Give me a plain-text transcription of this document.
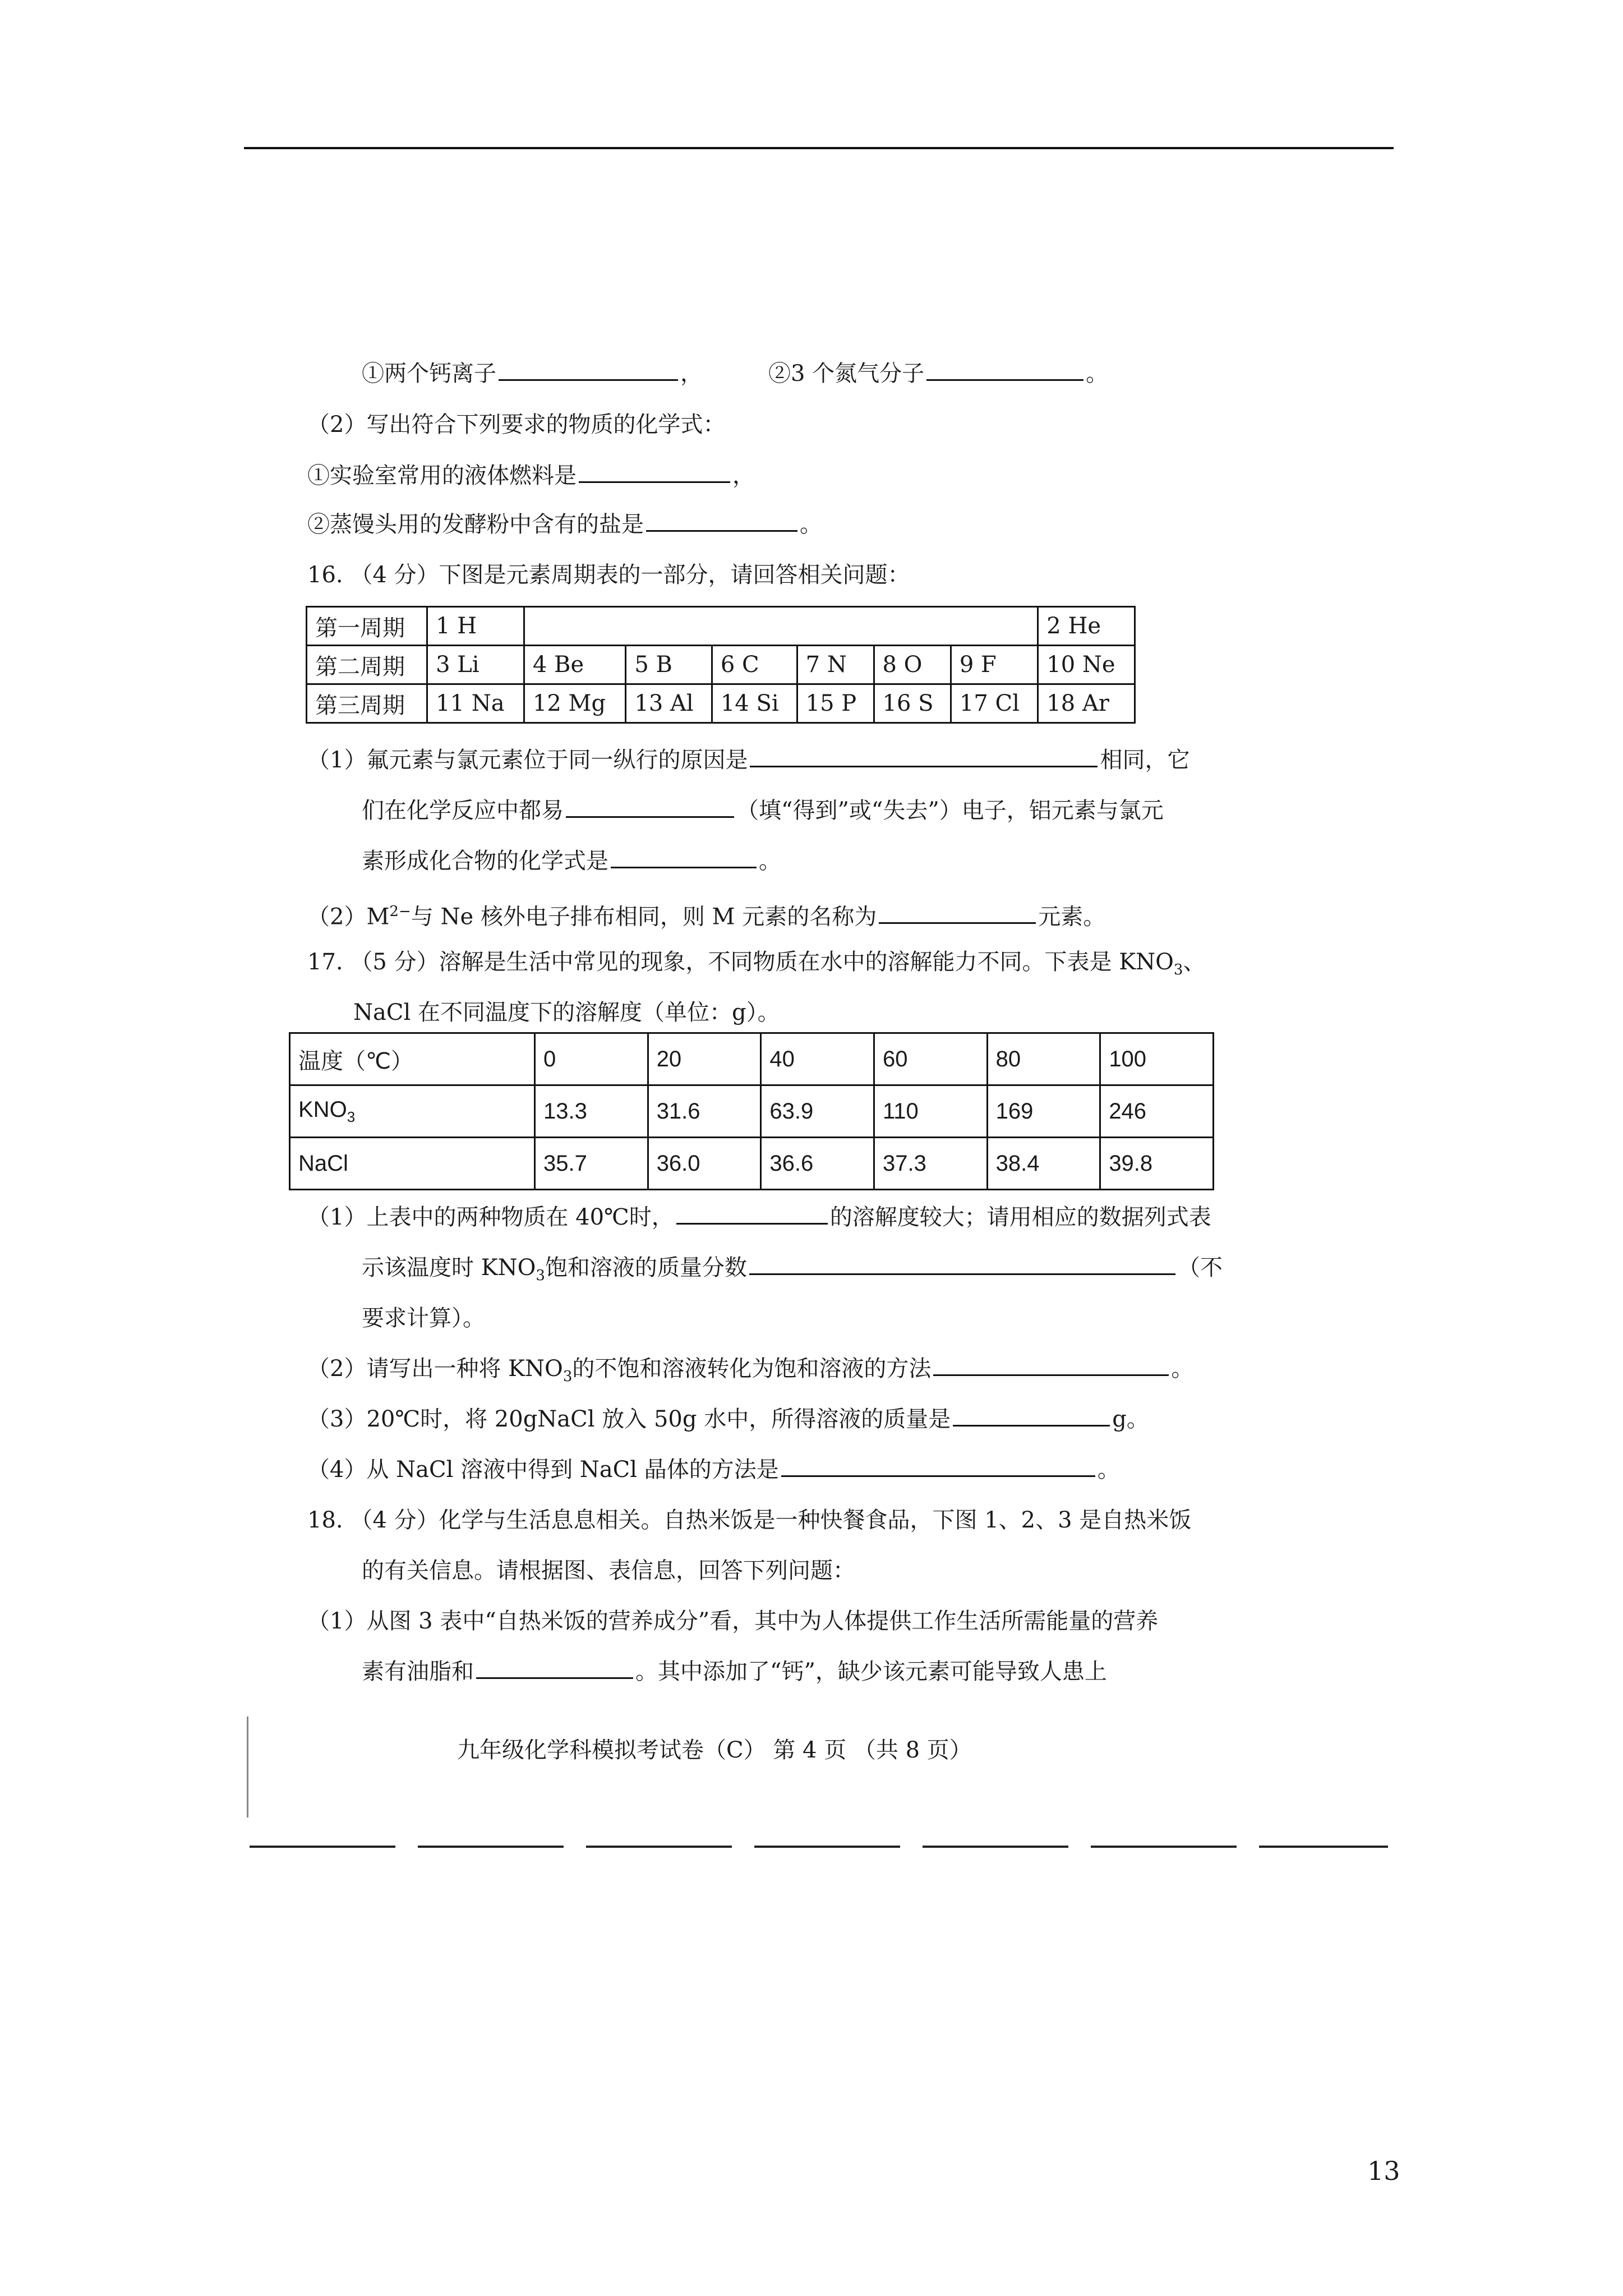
①两个钙离子	，	②3 个氮气分子	。
（2）写出符合下列要求的物质的化学式：
①实验室常用的液体燃料是	，
②蒸馒头用的发酵粉中含有的盐是	。
16. （4 分）下图是元素周期表的一部分，请回答相关问题：
第一周期	1 H							2 He
第二周期	3 Li	4 Be	5 B	6 C	7 N	8 O	9 F	10 Ne
第三周期	11 Na	12 Mg	13 Al	14 Si	15 P	16 S	17 Cl	18 Ar
（1）氟元素与氯元素位于同一纵行的原因是	相同，它
们在化学反应中都易	（填“得到”或“失去”）电子，铝元素与氯元
素形成化合物的化学式是	。
$(2)M^{2-}$与 Ne 核外电子排布相同，则 M 元素的名称为	元素。
17. （5 分）溶解是生活中常见的现象，不同物质在水中的溶解能力不同。下表是 $KNO_3$、
NaCl 在不同温度下的溶解度（单位：g）。
温度（℃）	0	20	40	60	80	100
$KNO_3$	13.3	31.6	63.9	110	169	246
NaCl	35.7	36.0	36.6	37.3	38.4	39.8
（1）上表中的两种物质在 40℃时，	的溶解度较大；请用相应的数据列式表
示该温度时 $KNO_3$饱和溶液的质量分数	（不
要求计算）。
（2）请写出一种将 $KNO_3$的不饱和溶液转化为饱和溶液的方法	。
（3）20℃时，将 20gNaCl 放入 50g 水中，所得溶液的质量是	g。
（4）从 NaCl 溶液中得到 NaCl 晶体的方法是	。
18. （4 分）化学与生活息息相关。自热米饭是一种快餐食品，下图 1、2、3 是自热米饭
的有关信息。请根据图、表信息，回答下列问题：
（1）从图 3 表中“自热米饭的营养成分”看，其中为人体提供工作生活所需能量的营养
素有油脂和	。其中添加了“钙”，缺少该元素可能导致人患上
九年级化学科模拟考试卷（C） 第 4 页 （共 8 页）
13
